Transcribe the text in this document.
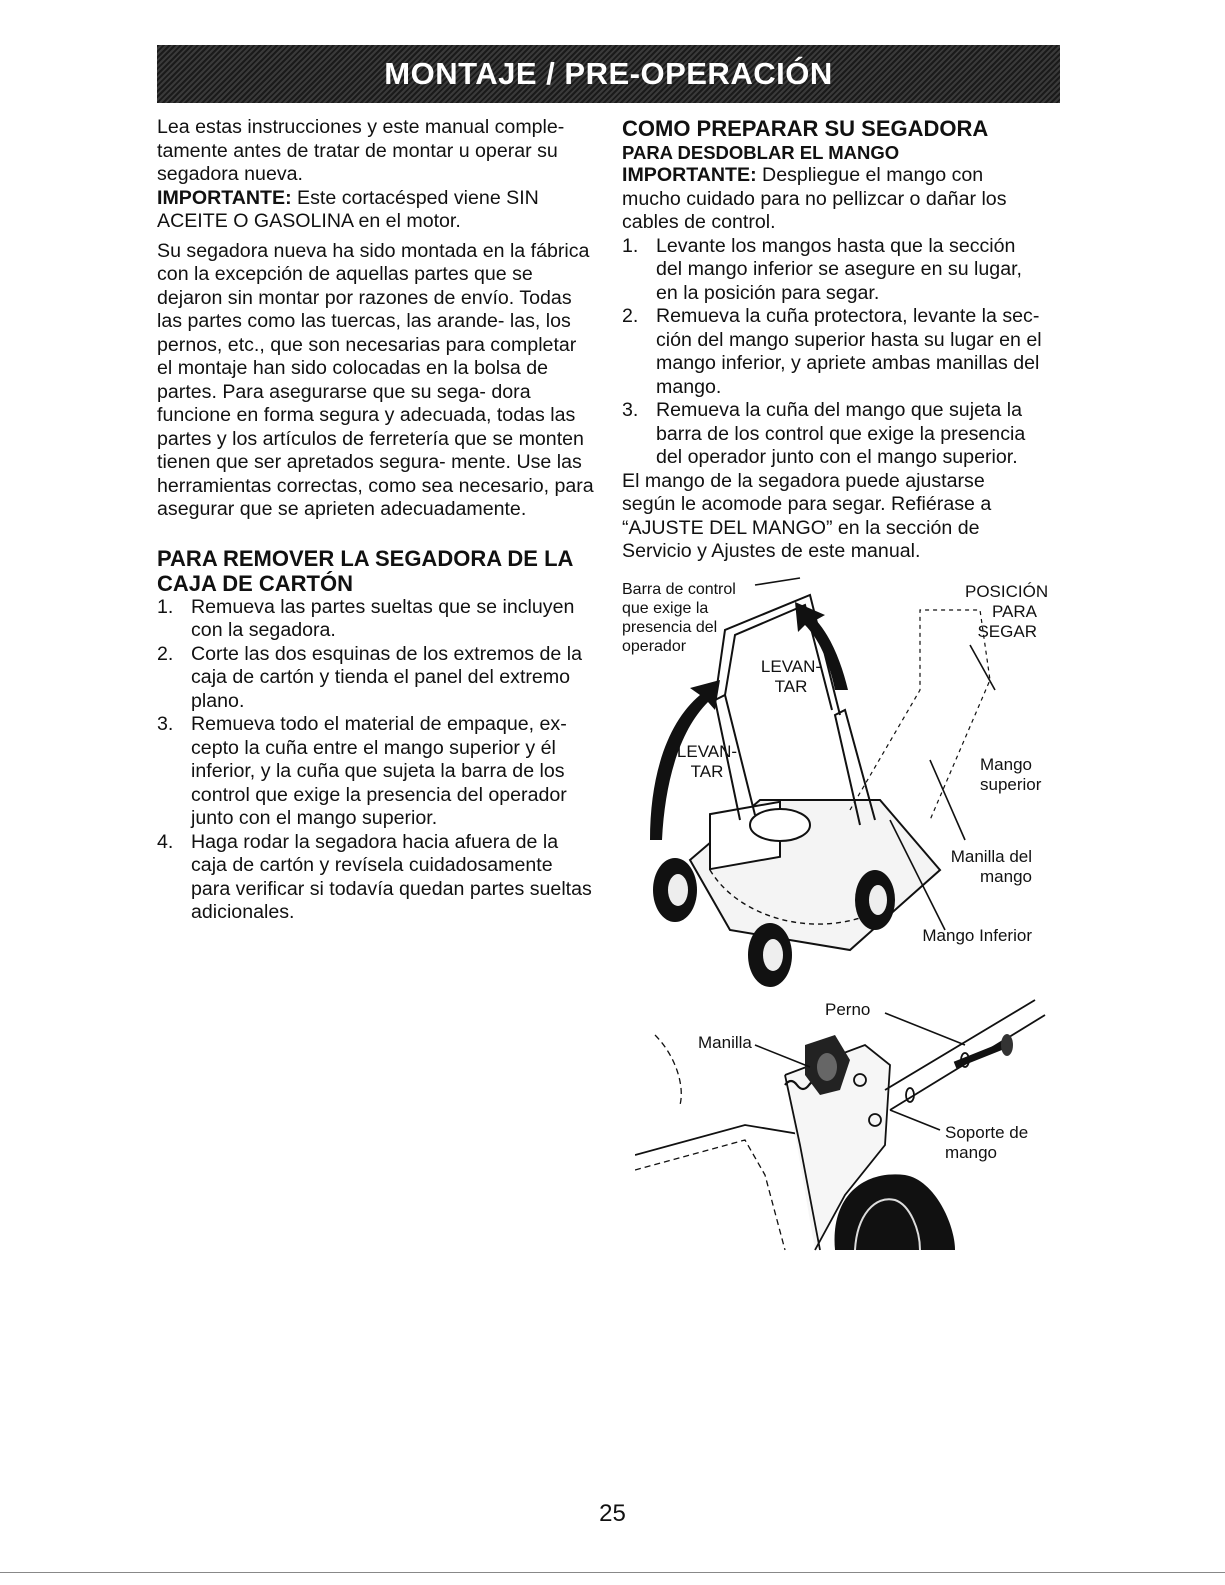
MONTAJE / PRE-OPERACIÓN

Lea estas instrucciones y este manual comple- tamente antes de tratar de montar u operar su segadora nueva.

IMPORTANTE: Este cortacésped viene SIN ACEITE O GASOLINA en el motor.

Su segadora nueva ha sido montada en la fábrica con la excepción de aquellas partes que se dejaron sin montar por razones de envío. Todas las partes como las tuercas, las arande- las, los pernos, etc., que son necesarias para completar el montaje han sido colocadas en la bolsa de partes. Para asegurarse que su sega- dora funcione en forma segura y adecuada, todas las partes y los artículos de ferretería que se monten tienen que ser apretados segura- mente. Use las herramientas correctas, como sea necesario, para asegurar que se aprieten adecuadamente.

PARA REMOVER LA SEGADORA DE LA CAJA DE CARTÓN
1. Remueva las partes sueltas que se incluyen con la segadora.
2. Corte las dos esquinas de los extremos de la caja de cartón y tienda el panel del extremo plano.
3. Remueva todo el material de empaque, ex- cepto la cuña entre el mango superior y él inferior, y la cuña que sujeta la barra de los control que exige la presencia del operador junto con el mango superior.
4. Haga rodar la segadora hacia afuera de la caja de cartón y revísela cuidadosamente para verificar si todavía quedan partes sueltas adicionales.
COMO PREPARAR SU SEGADORA
PARA DESDOBLAR EL MANGO

IMPORTANTE: Despliegue el mango con mucho cuidado para no pellizcar o dañar los cables de control.

1. Levante los mangos hasta que la sección del mango inferior se asegure en su lugar, en la posición para segar.
2. Remueva la cuña protectora, levante la sec- ción del mango superior hasta su lugar en el mango inferior, y apriete ambas manillas del mango.
3. Remueva la cuña del mango que sujeta la barra de los control que exige la presencia del operador junto con el mango superior.

El mango de la segadora puede ajustarse según le acomode para segar. Refiérase a “AJUSTE DEL MANGO” en la sección de Servicio y Ajustes de este manual.

Barra de control que exige la presencia del operador
POSICIÓN PARA SEGAR
LEVAN- TAR
LEVAN- TAR	Mango superior
Manilla del mango
Mango Inferior
Perno
Manilla
Soporte de mango
25
